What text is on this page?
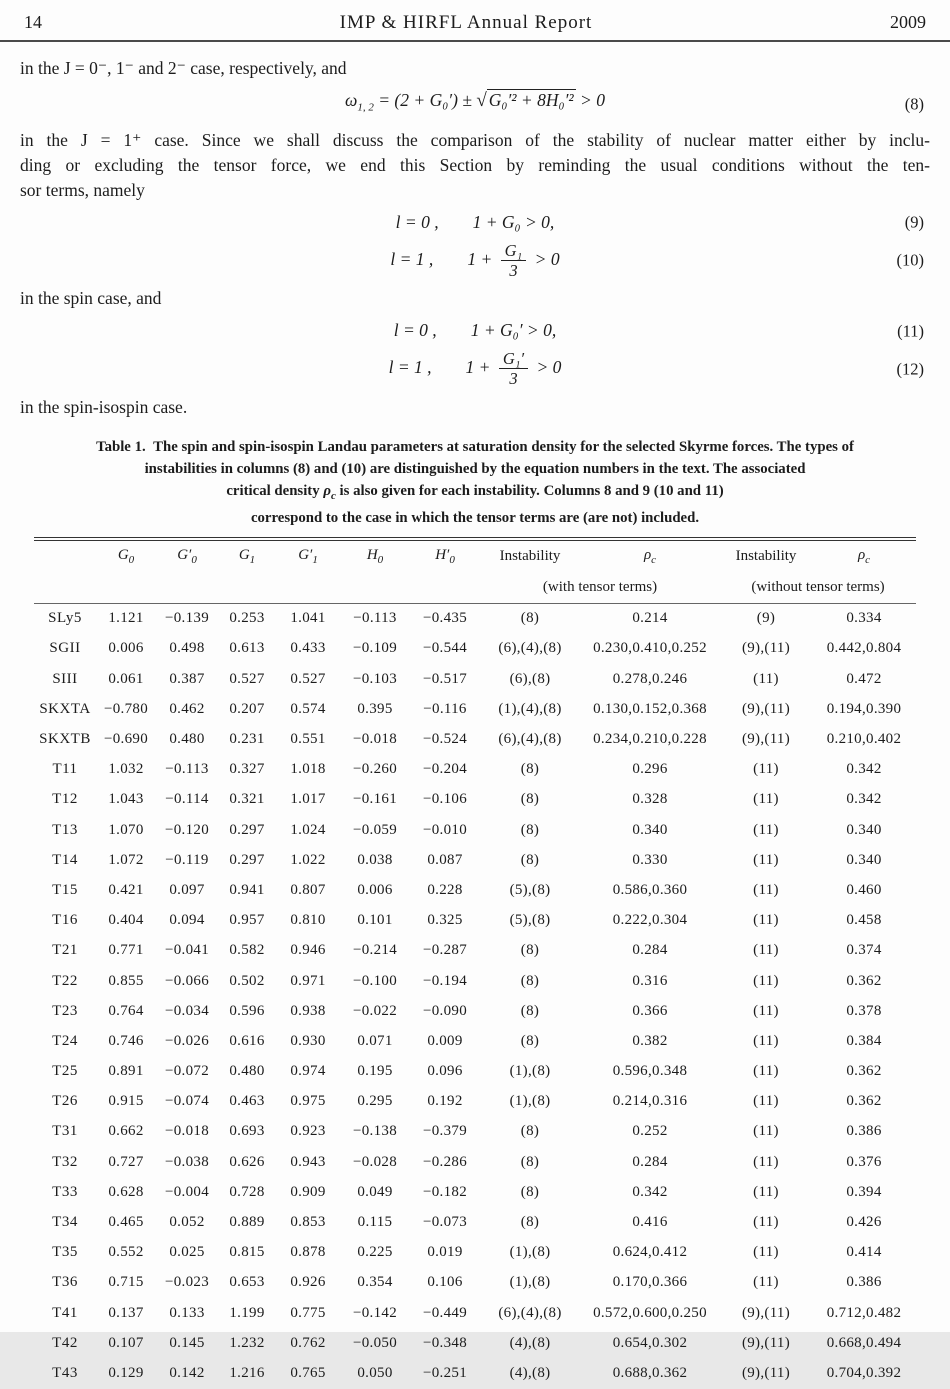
14	IMP & HIRFL Annual Report	2009

in the J = 0⁻, 1⁻ and 2⁻ case, respectively, and

$\omega_{1, 2} = (2 + G_0')$ ± √ G₀′² + 8H₀′² > 0	(8)
in the J = 1⁺ case. Since we shall discuss the comparison of the stability of nuclear matter either by inclu-
ding or excluding the tensor force, we end this Section by reminding the usual conditions without the ten-
sor terms, namely
l = 0 , 1 + G₀ > 0,	(9)
l = 1 , $1 + \frac{\text{G₁}}{3} > 0$	(10)

in the spin case, and

l = 0 , 1 + G₀′ > 0,	(11)
l = 1 , $1 + \frac{\text{G₁′}}{3} > 0$	(12)

in the spin-isospin case.

Table 1. The spin and spin-isospin Landau parameters at saturation density for the selected Skyrme forces. The types of
instabilities in columns (8) and (10) are distinguished by the equation numbers in the text. The associated
critical density $\rho_c$ is also given for each instability. Columns 8 and 9 (10 and 11)
correspond to the case in which the tensor terms are (are not) included.
	$G_0$	$G'_0$	$G_1$	$G'_1$	$H_0$	$H'_0$	Instability	$\rho_c$	Instability	$\rho_c$
							(with tensor terms)		(without tensor terms)	
SLy5	1.121	−0.139	0.253	1.041	−0.113	−0.435	(8)	0.214	(9)	0.334
SGII	0.006	0.498	0.613	0.433	−0.109	−0.544	(6),(4),(8)	0.230,0.410,0.252	(9),(11)	0.442,0.804
SIII	0.061	0.387	0.527	0.527	−0.103	−0.517	(6),(8)	0.278,0.246	(11)	0.472
SKXTA	−0.780	0.462	0.207	0.574	0.395	−0.116	(1),(4),(8)	0.130,0.152,0.368	(9),(11)	0.194,0.390
SKXTB	−0.690	0.480	0.231	0.551	−0.018	−0.524	(6),(4),(8)	0.234,0.210,0.228	(9),(11)	0.210,0.402
T11	1.032	−0.113	0.327	1.018	−0.260	−0.204	(8)	0.296	(11)	0.342
T12	1.043	−0.114	0.321	1.017	−0.161	−0.106	(8)	0.328	(11)	0.342
T13	1.070	−0.120	0.297	1.024	−0.059	−0.010	(8)	0.340	(11)	0.340
T14	1.072	−0.119	0.297	1.022	0.038	0.087	(8)	0.330	(11)	0.340
T15	0.421	0.097	0.941	0.807	0.006	0.228	(5),(8)	0.586,0.360	(11)	0.460
T16	0.404	0.094	0.957	0.810	0.101	0.325	(5),(8)	0.222,0.304	(11)	0.458
T21	0.771	−0.041	0.582	0.946	−0.214	−0.287	(8)	0.284	(11)	0.374
T22	0.855	−0.066	0.502	0.971	−0.100	−0.194	(8)	0.316	(11)	0.362
T23	0.764	−0.034	0.596	0.938	−0.022	−0.090	(8)	0.366	(11)	0.378
T24	0.746	−0.026	0.616	0.930	0.071	0.009	(8)	0.382	(11)	0.384
T25	0.891	−0.072	0.480	0.974	0.195	0.096	(1),(8)	0.596,0.348	(11)	0.362
T26	0.915	−0.074	0.463	0.975	0.295	0.192	(1),(8)	0.214,0.316	(11)	0.362
T31	0.662	−0.018	0.693	0.923	−0.138	−0.379	(8)	0.252	(11)	0.386
T32	0.727	−0.038	0.626	0.943	−0.028	−0.286	(8)	0.284	(11)	0.376
T33	0.628	−0.004	0.728	0.909	0.049	−0.182	(8)	0.342	(11)	0.394
T34	0.465	0.052	0.889	0.853	0.115	−0.073	(8)	0.416	(11)	0.426
T35	0.552	0.025	0.815	0.878	0.225	0.019	(1),(8)	0.624,0.412	(11)	0.414
T36	0.715	−0.023	0.653	0.926	0.354	0.106	(1),(8)	0.170,0.366	(11)	0.386
T41	0.137	0.133	1.199	0.775	−0.142	−0.449	(6),(4),(8)	0.572,0.600,0.250	(9),(11)	0.712,0.482
T42	0.107	0.145	1.232	0.762	−0.050	−0.348	(4),(8)	0.654,0.302	(9),(11)	0.668,0.494
T43	0.129	0.142	1.216	0.765	0.050	−0.251	(4),(8)	0.688,0.362	(9),(11)	0.704,0.392
